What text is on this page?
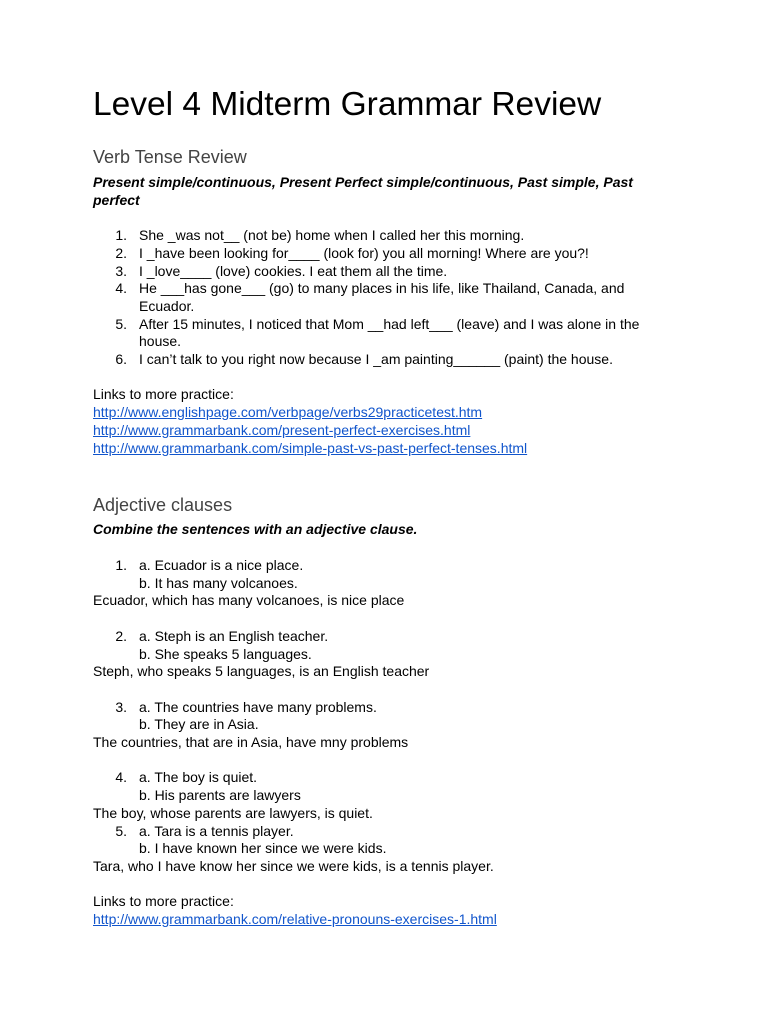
Level 4 Midterm Grammar Review
Verb Tense Review

Present simple/continuous, Present Perfect simple/continuous, Past simple, Past perfect

1. She _was not__ (not be) home when I called her this morning.
2. I _have been looking for____ (look for) you all morning! Where are you?!
3. I _love____ (love) cookies. I eat them all the time.
4. He ___has gone___ (go) to many places in his life, like Thailand, Canada, and Ecuador.
5. After 15 minutes, I noticed that Mom __had left___ (leave) and I was alone in the house.
6. I can’t talk to you right now because I _am painting______ (paint) the house.
Links to more practice:
http://www.englishpage.com/verbpage/verbs29practicetest.htm
http://www.grammarbank.com/present-perfect-exercises.html
http://www.grammarbank.com/simple-past-vs-past-perfect-tenses.html
Adjective clauses

Combine the sentences with an adjective clause.

1. a. Ecuador is a nice place.
b. It has many volcanoes.
Ecuador, which has many volcanoes, is nice place
2. a. Steph is an English teacher.
b. She speaks 5 languages.
Steph, who speaks 5 languages, is an English teacher
3. a. The countries have many problems.
b. They are in Asia.
The countries, that are in Asia, have mny problems
4. a. The boy is quiet.
b. His parents are lawyers
The boy, whose parents are lawyers, is quiet.
5. a. Tara is a tennis player.
b. I have known her since we were kids.
Tara, who I have know her since we were kids, is a tennis player.
Links to more practice:
http://www.grammarbank.com/relative-pronouns-exercises-1.html
